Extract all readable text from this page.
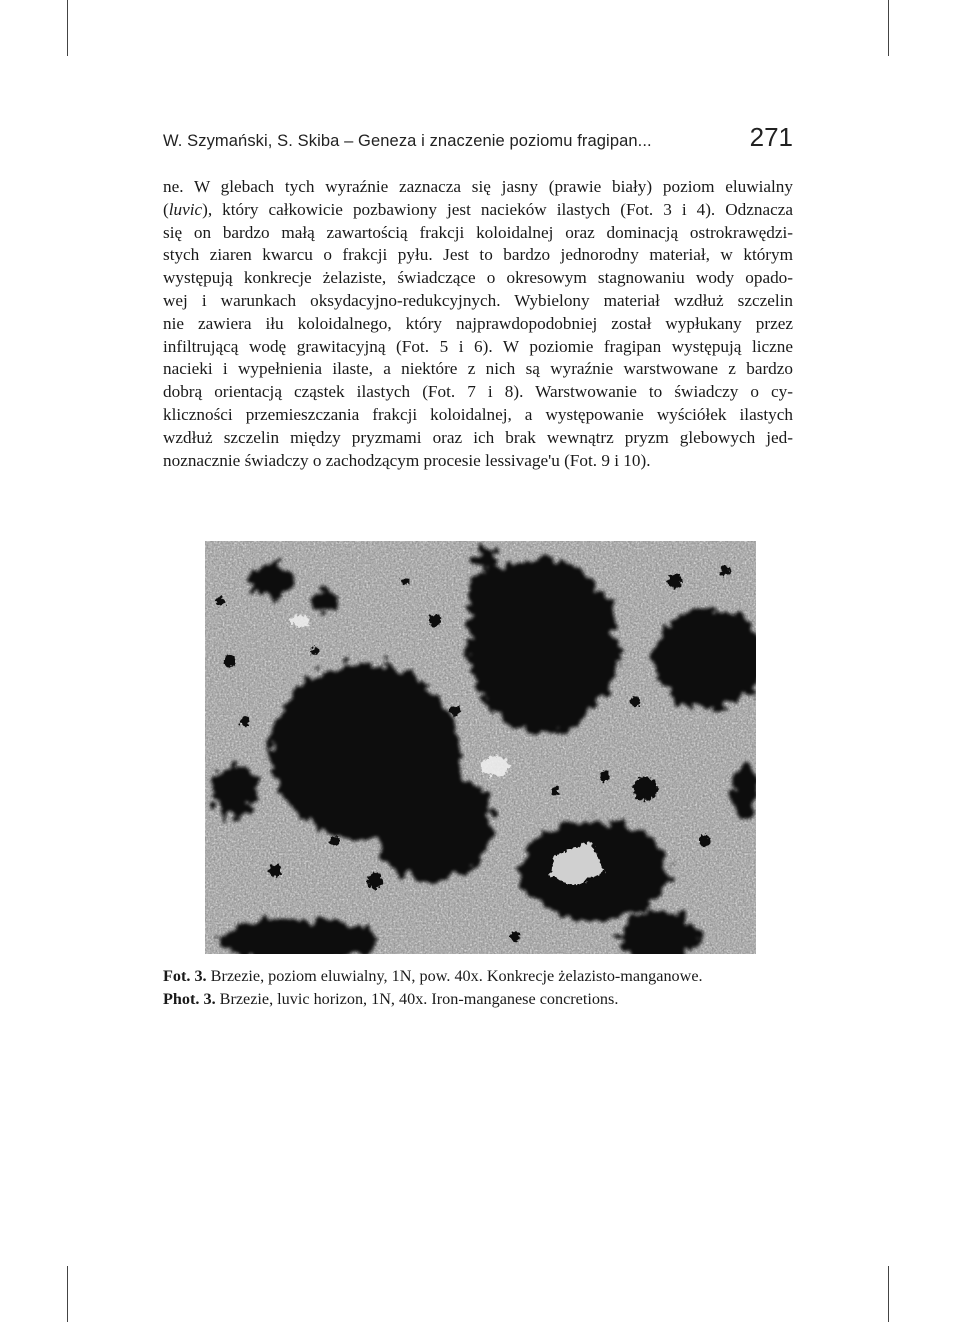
W. Szymański, S. Skiba – Geneza i znaczenie poziomu fragipan...	271
ne. W glebach tych wyraźnie zaznacza się jasny (prawie biały) poziom eluwialny
(luvic), który całkowicie pozbawiony jest nacieków ilastych (Fot. 3 i 4). Odznacza
się on bardzo małą zawartością frakcji koloidalnej oraz dominacją ostrokrawędzi-
stych ziaren kwarcu o frakcji pyłu. Jest to bardzo jednorodny materiał, w którym
występują konkrecje żelaziste, świadczące o okresowym stagnowaniu wody opado-
wej i warunkach oksydacyjno-redukcyjnych. Wybielony materiał wzdłuż szczelin
nie zawiera iłu koloidalnego, który najprawdopodobniej został wypłukany przez
infiltrującą wodę grawitacyjną (Fot. 5 i 6). W poziomie fragipan występują liczne
nacieki i wypełnienia ilaste, a niektóre z nich są wyraźnie warstwowane z bardzo
dobrą orientacją cząstek ilastych (Fot. 7 i 8). Warstwowanie to świadczy o cy-
kliczności przemieszczania frakcji koloidalnej, a występowanie wyściółek ilastych
wzdłuż szczelin między pryzmami oraz ich brak wewnątrz pryzm glebowych jed-
noznacznie świadczy o zachodzącym procesie lessivage'u (Fot. 9 i 10).
Fot. 3. Brzezie, poziom eluwialny, 1N, pow. 40x. Konkrecje żelazisto-manganowe.
Phot. 3. Brzezie, luvic horizon, 1N, 40x. Iron-manganese concretions.
